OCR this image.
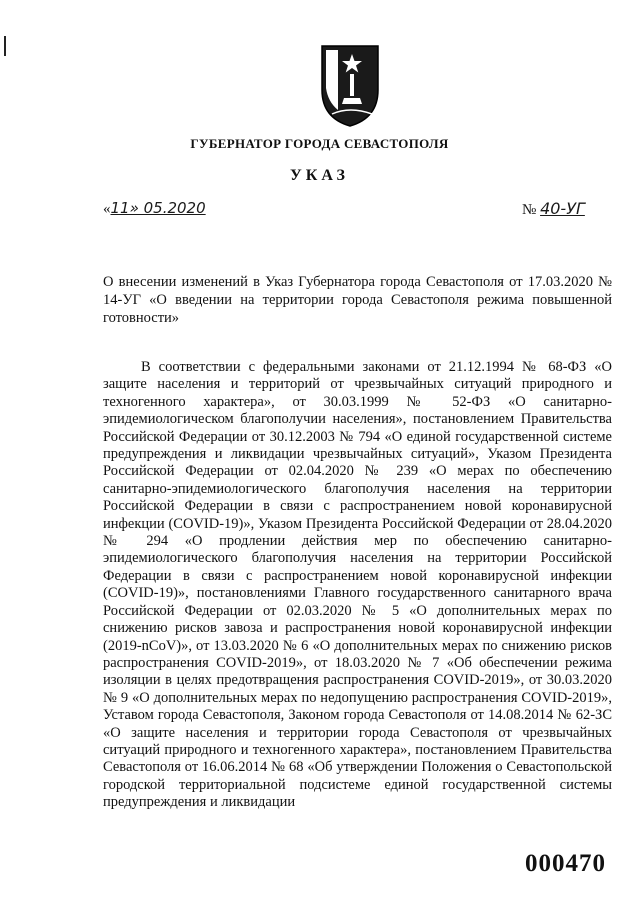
ГУБЕРНАТОР ГОРОДА СЕВАСТОПОЛЯ
УКАЗ
«11» 05.2020	№ 40-УГ

О внесении изменений в Указ Губернатора города Севастополя от 17.03.2020 № 14-УГ «О введении на территории города Севастополя режима повышенной готовности»

В соответствии с федеральными законами от 21.12.1994 № 68-ФЗ «О защите населения и территорий от чрезвычайных ситуаций природного и техногенного характера», от 30.03.1999 № 52-ФЗ «О санитарно-эпидемиологическом благополучии населения», постановлением Правительства Российской Федерации от 30.12.2003 № 794 «О единой государственной системе предупреждения и ликвидации чрезвычайных ситуаций», Указом Президента Российской Федерации от 02.04.2020 № 239 «О мерах по обеспечению санитарно-эпидемиологического благополучия населения на территории Российской Федерации в связи с распространением новой коронавирусной инфекции (COVID-19)», Указом Президента Российской Федерации от 28.04.2020 № 294 «О продлении действия мер по обеспечению санитарно-эпидемиологического благополучия населения на территории Российской Федерации в связи с распространением новой коронавирусной инфекции (COVID-19)», постановлениями Главного государственного санитарного врача Российской Федерации от 02.03.2020 № 5 «О дополнительных мерах по снижению рисков завоза и распространения новой коронавирусной инфекции (2019-nCoV)», от 13.03.2020 № 6 «О дополнительных мерах по снижению рисков распространения COVID-2019», от 18.03.2020 № 7 «Об обеспечении режима изоляции в целях предотвращения распространения COVID-2019», от 30.03.2020 № 9 «О дополнительных мерах по недопущению распространения COVID-2019», Уставом города Севастополя, Законом города Севастополя от 14.08.2014 № 62-ЗС «О защите населения и территории города Севастополя от чрезвычайных ситуаций природного и техногенного характера», постановлением Правительства Севастополя от 16.06.2014 № 68 «Об утверждении Положения о Севастопольской городской территориальной подсистеме единой государственной системы предупреждения и ликвидации

000470
